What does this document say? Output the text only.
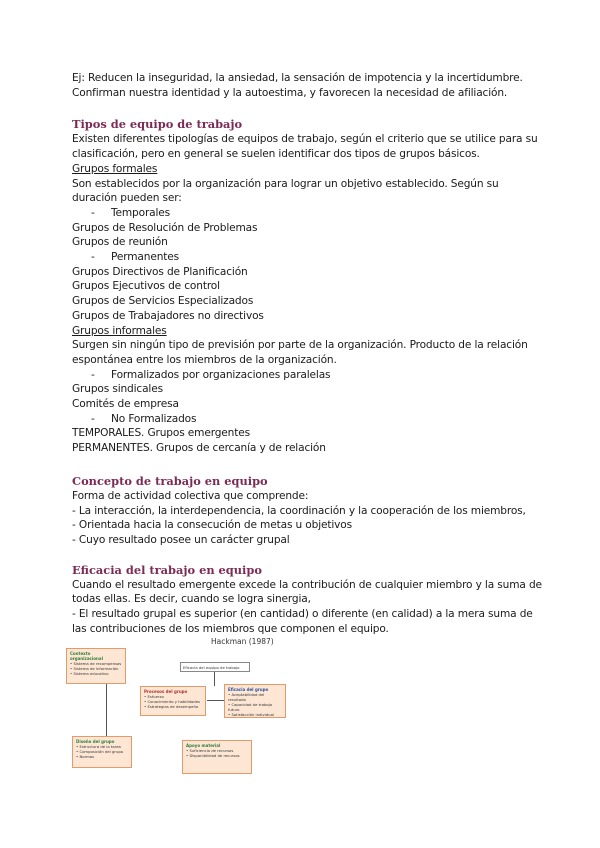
Ej: Reducen la inseguridad, la ansiedad, la sensación de impotencia y la incertidumbre.
Confirman nuestra identidad y la autoestima, y favorecen la necesidad de afiliación.
Tipos de equipo de trabajo
Existen diferentes tipologías de equipos de trabajo, según el criterio que se utilice para su
clasificación, pero en general se suelen identificar dos tipos de grupos básicos.
Grupos formales
Son establecidos por la organización para lograr un objetivo establecido. Según su
duración pueden ser:
- Temporales
Grupos de Resolución de Problemas
Grupos de reunión
- Permanentes
Grupos Directivos de Planificación
Grupos Ejecutivos de control
Grupos de Servicios Especializados
Grupos de Trabajadores no directivos
Grupos informales
Surgen sin ningún tipo de previsión por parte de la organización. Producto de la relación
espontánea entre los miembros de la organización.
- Formalizados por organizaciones paralelas
Grupos sindicales
Comités de empresa
- No Formalizados
TEMPORALES. Grupos emergentes
PERMANENTES. Grupos de cercanía y de relación
Concepto de trabajo en equipo
Forma de actividad colectiva que comprende:
- La interacción, la interdependencia, la coordinación y la cooperación de los miembros,
- Orientada hacia la consecución de metas u objetivos
- Cuyo resultado posee un carácter grupal
Eficacia del trabajo en equipo
Cuando el resultado emergente excede la contribución de cualquier miembro y la suma de
todas ellas. Es decir, cuando se logra sinergia,
- El resultado grupal es superior (en cantidad) o diferente (en calidad) a la mera suma de
las contribuciones de los miembros que componen el equipo.
Hackman (1987)
Eficacia del equipo de trabajo
Contexto organizacional
• Sistema de recompensas
• Sistema de información
• Sistema educativo
Procesos del grupo
• Esfuerzo
• Conocimiento y habilidades
• Estrategias de desempeño
Eficacia del grupo
• Aceptabilidad del resultado
• Capacidad de trabajo futuro
• Satisfacción individual
Diseño del grupo
• Estructura de la tarea
• Composición del grupo
• Normas
Apoyo material
• Suficiencia de recursos
• Disponibilidad de recursos
